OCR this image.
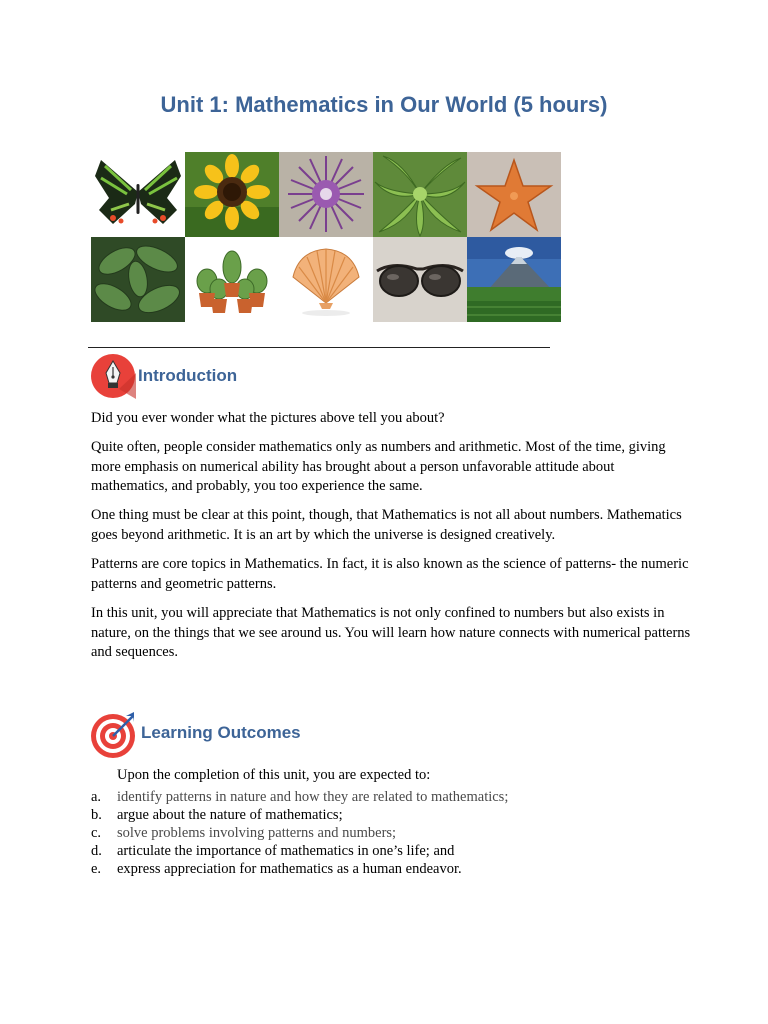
Unit 1: Mathematics in Our World (5 hours)
Introduction

Did you ever wonder what the pictures above tell you about?

Quite often, people consider mathematics only as numbers and arithmetic. Most of the time, giving more emphasis on numerical ability has brought about a person unfavorable attitude about mathematics, and probably, you too experience the same.

One thing must be clear at this point, though, that Mathematics is not all about numbers. Mathematics goes beyond arithmetic. It is an art by which the universe is designed creatively.

Patterns are core topics in Mathematics. In fact, it is also known as the science of patterns- the numeric patterns and geometric patterns.

In this unit, you will appreciate that Mathematics is not only confined to numbers but also exists in nature, on the things that we see around us. You will learn how nature connects with numerical patterns and sequences.

Learning Outcomes

Upon the completion of this unit, you are expected to:

a. identify patterns in nature and how they are related to mathematics;
b. argue about the nature of mathematics;
c. solve problems involving patterns and numbers;
d. articulate the importance of mathematics in one’s life; and
e. express appreciation for mathematics as a human endeavor.
